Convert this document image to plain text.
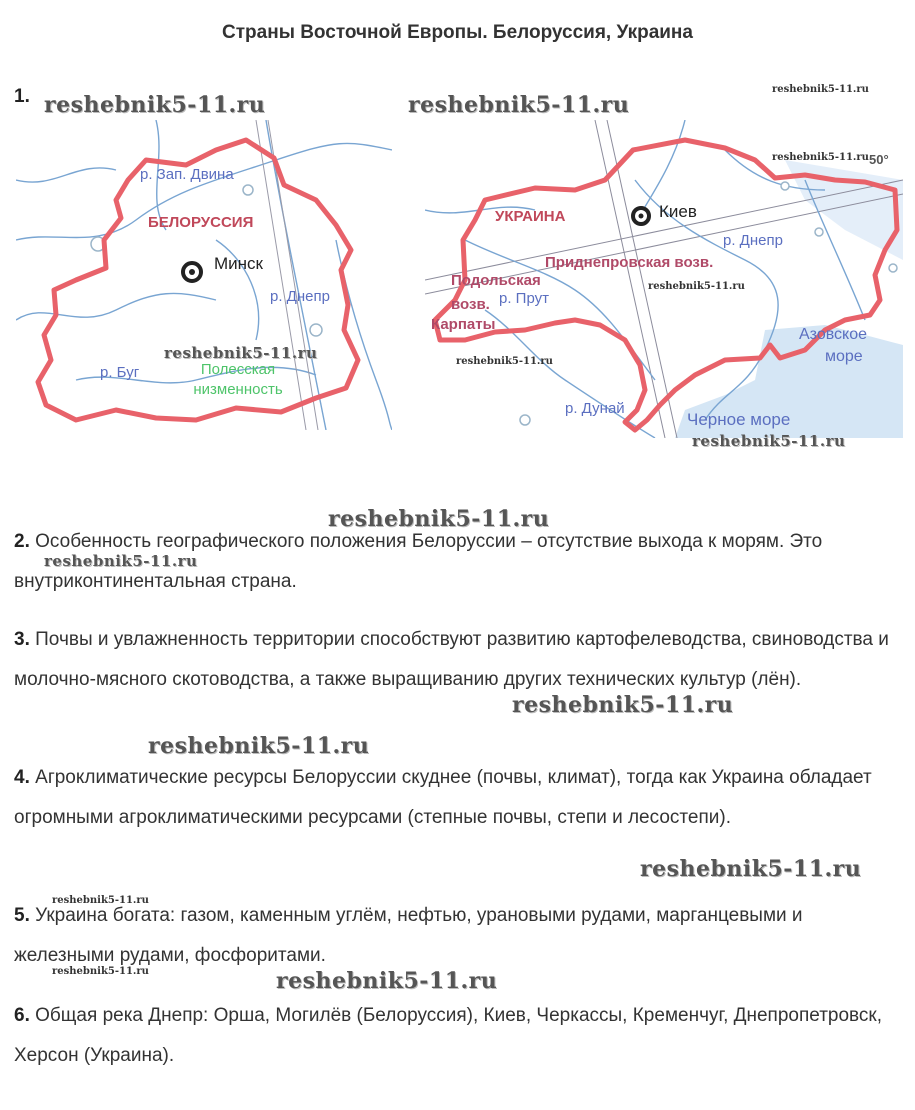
Страны Восточной Европы. Белоруссия, Украина
1.
р. Зап. Двина
БЕЛОРУССИЯ
Минск
р. Днепр
р. Буг	Полесская низменность
50°
УКРАИНА	Киев
р. Днепр
Приднепровская возв.
Подольская
возв. р. Прут
Карпаты
Азовское
море
р. Дунай
Черное море
reshebnik5-11.ru	reshebnik5-11.ru
reshebnik5-11.ru
reshebnik5-11.ru
reshebnik5-11.ru
reshebnik5-11.ru	reshebnik5-11.ru
reshebnik5-11.ru
reshebnik5-11.ru
reshebnik5-11.ru
reshebnik5-11.ru
reshebnik5-11.ru
reshebnik5-11.ru
reshebnik5-11.ru
reshebnik5-11.ru	reshebnik5-11.ru
2. Особенность географического положения Белоруссии – отсутствие выхода к морям. Это внутриконтинентальная страна.
3. Почвы и увлажненность территории способствуют развитию картофелеводства, свиноводства и молочно-мясного скотоводства, а также выращиванию других технических культур (лён).
4. Агроклиматические ресурсы Белоруссии скуднее (почвы, климат), тогда как Украина обладает огромными агроклиматическими ресурсами (степные почвы, степи и лесостепи).
5. Украина богата: газом, каменным углём, нефтью, урановыми рудами, марганцевыми и железными рудами, фосфоритами.
6. Общая река Днепр: Орша, Могилёв (Белоруссия), Киев, Черкассы, Кременчуг, Днепропетровск, Херсон (Украина).
